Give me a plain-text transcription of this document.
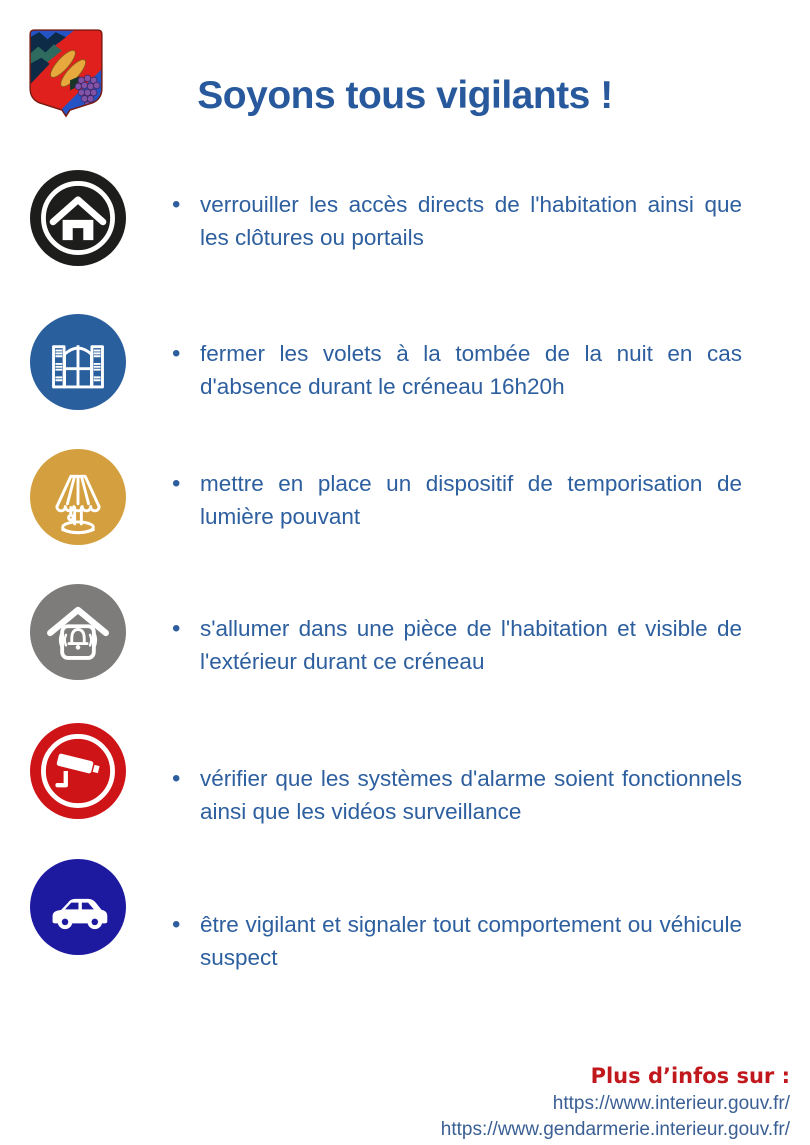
Soyons tous vigilants !
• verrouiller les accès directs de l'habitation ainsi que les clôtures ou portails

• fermer les volets à la tombée de la nuit en cas d'absence durant le créneau 16h20h

• mettre en place un dispositif de temporisation de lumière pouvant

• s'allumer dans une pièce de l'habitation et visible de l'extérieur durant ce créneau

• vérifier que les systèmes d'alarme soient fonctionnels ainsi que les vidéos surveillance

• être vigilant et signaler tout comportement ou véhicule suspect

Plus d’infos sur :
https://www.interieur.gouv.fr/
https://www.gendarmerie.interieur.gouv.fr/
